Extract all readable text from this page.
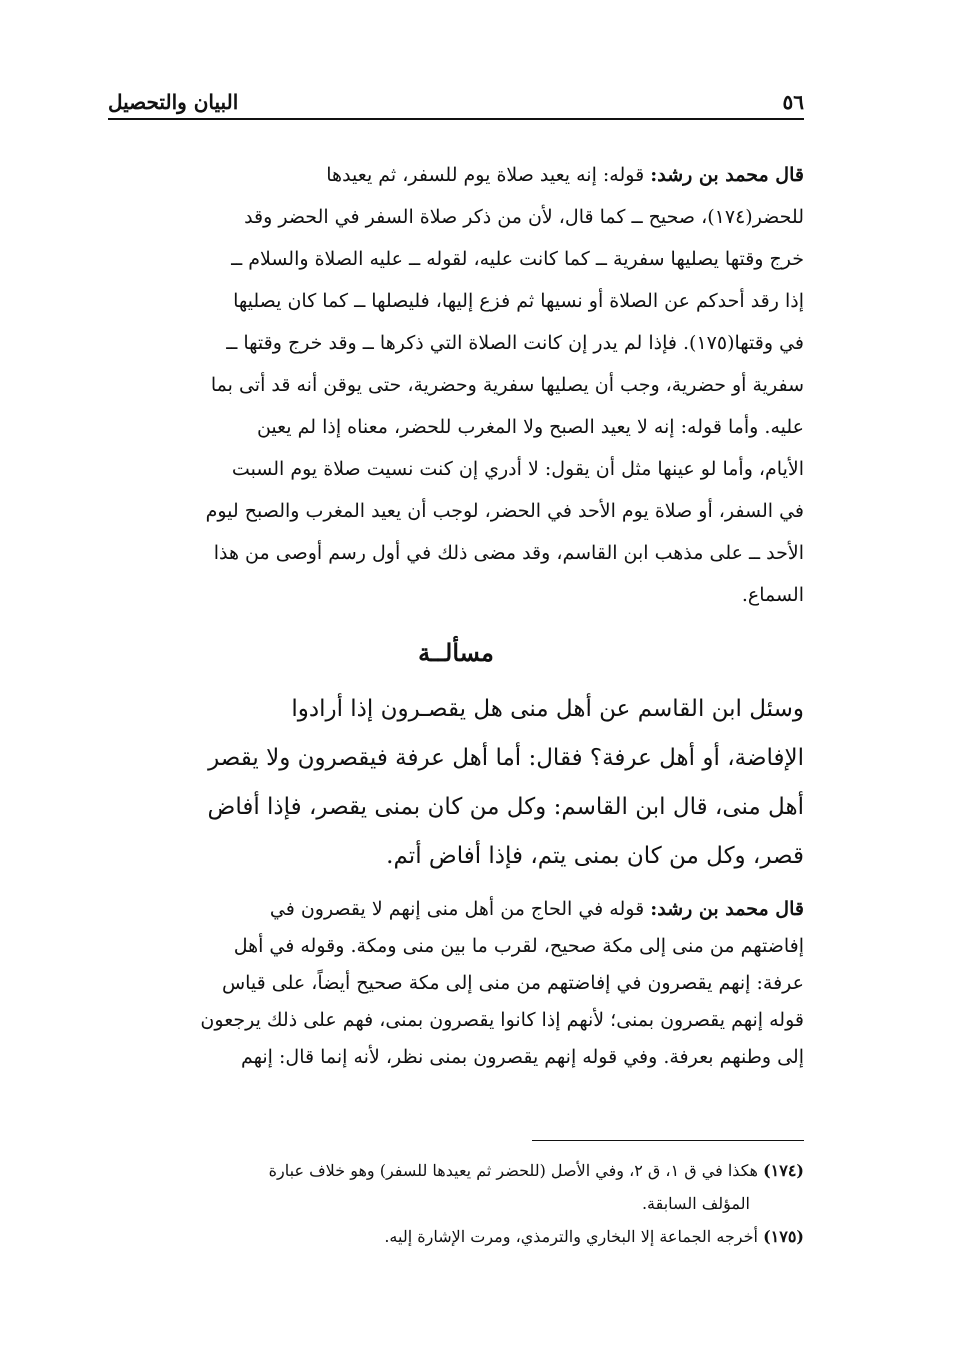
البيان والتحصيل	٥٦
قال محمد بن رشد: قوله: إنه يعيد صلاة يوم للسفر، ثم يعيدها
للحضر(١٧٤)، صحيح ــ كما قال، لأن من ذكر صلاة السفر في الحضر وقد
خرج وقتها يصليها سفرية ــ كما كانت عليه، لقوله ــ عليه الصلاة والسلام ــ
إذا رقد أحدكم عن الصلاة أو نسيها ثم فزع إليها، فليصلها ــ كما كان يصليها
في وقتها(١٧٥). فإذا لم يدر إن كانت الصلاة التي ذكرها ــ وقد خرج وقتها ــ
سفرية أو حضرية، وجب أن يصليها سفرية وحضرية، حتى يوقن أنه قد أتى بما
عليه. وأما قوله: إنه لا يعيد الصبح ولا المغرب للحضر، معناه إذا لم يعين
الأيام، وأما لو عينها مثل أن يقول: لا أدري إن كنت نسيت صلاة يوم السبت
في السفر، أو صلاة يوم الأحد في الحضر، لوجب أن يعيد المغرب والصبح ليوم
الأحد ــ على مذهب ابن القاسم، وقد مضى ذلك في أول رسم أوصى من هذا
السماع.
مسألــة
وسئل ابن القاسم عن أهل منى هل يقصـرون إذا أرادوا
الإفاضة، أو أهل عرفة؟ فقال: أما أهل عرفة فيقصرون ولا يقصر
أهل منى، قال ابن القاسم: وكل من كان بمنى يقصر، فإذا أفاض
قصر، وكل من كان بمنى يتم، فإذا أفاض أتم.
قال محمد بن رشد: قوله في الحاج من أهل منى إنهم لا يقصرون في
إفاضتهم من منى إلى مكة صحيح، لقرب ما بين منى ومكة. وقوله في أهل
عرفة: إنهم يقصرون في إفاضتهم من منى إلى مكة صحيح أيضاً، على قياس
قوله إنهم يقصرون بمنى؛ لأنهم إذا كانوا يقصرون بمنى، فهم على ذلك يرجعون
إلى وطنهم بعرفة. وفي قوله إنهم يقصرون بمنى نظر، لأنه إنما قال: إنهم
(١٧٤) هكذا في ق ١، ق ٢، وفي الأصل (للحضر ثم يعيدها للسفر) وهو خلاف عبارة
المؤلف السابقة.
(١٧٥) أخرجه الجماعة إلا البخاري والترمذي، ومرت الإشارة إليه.
